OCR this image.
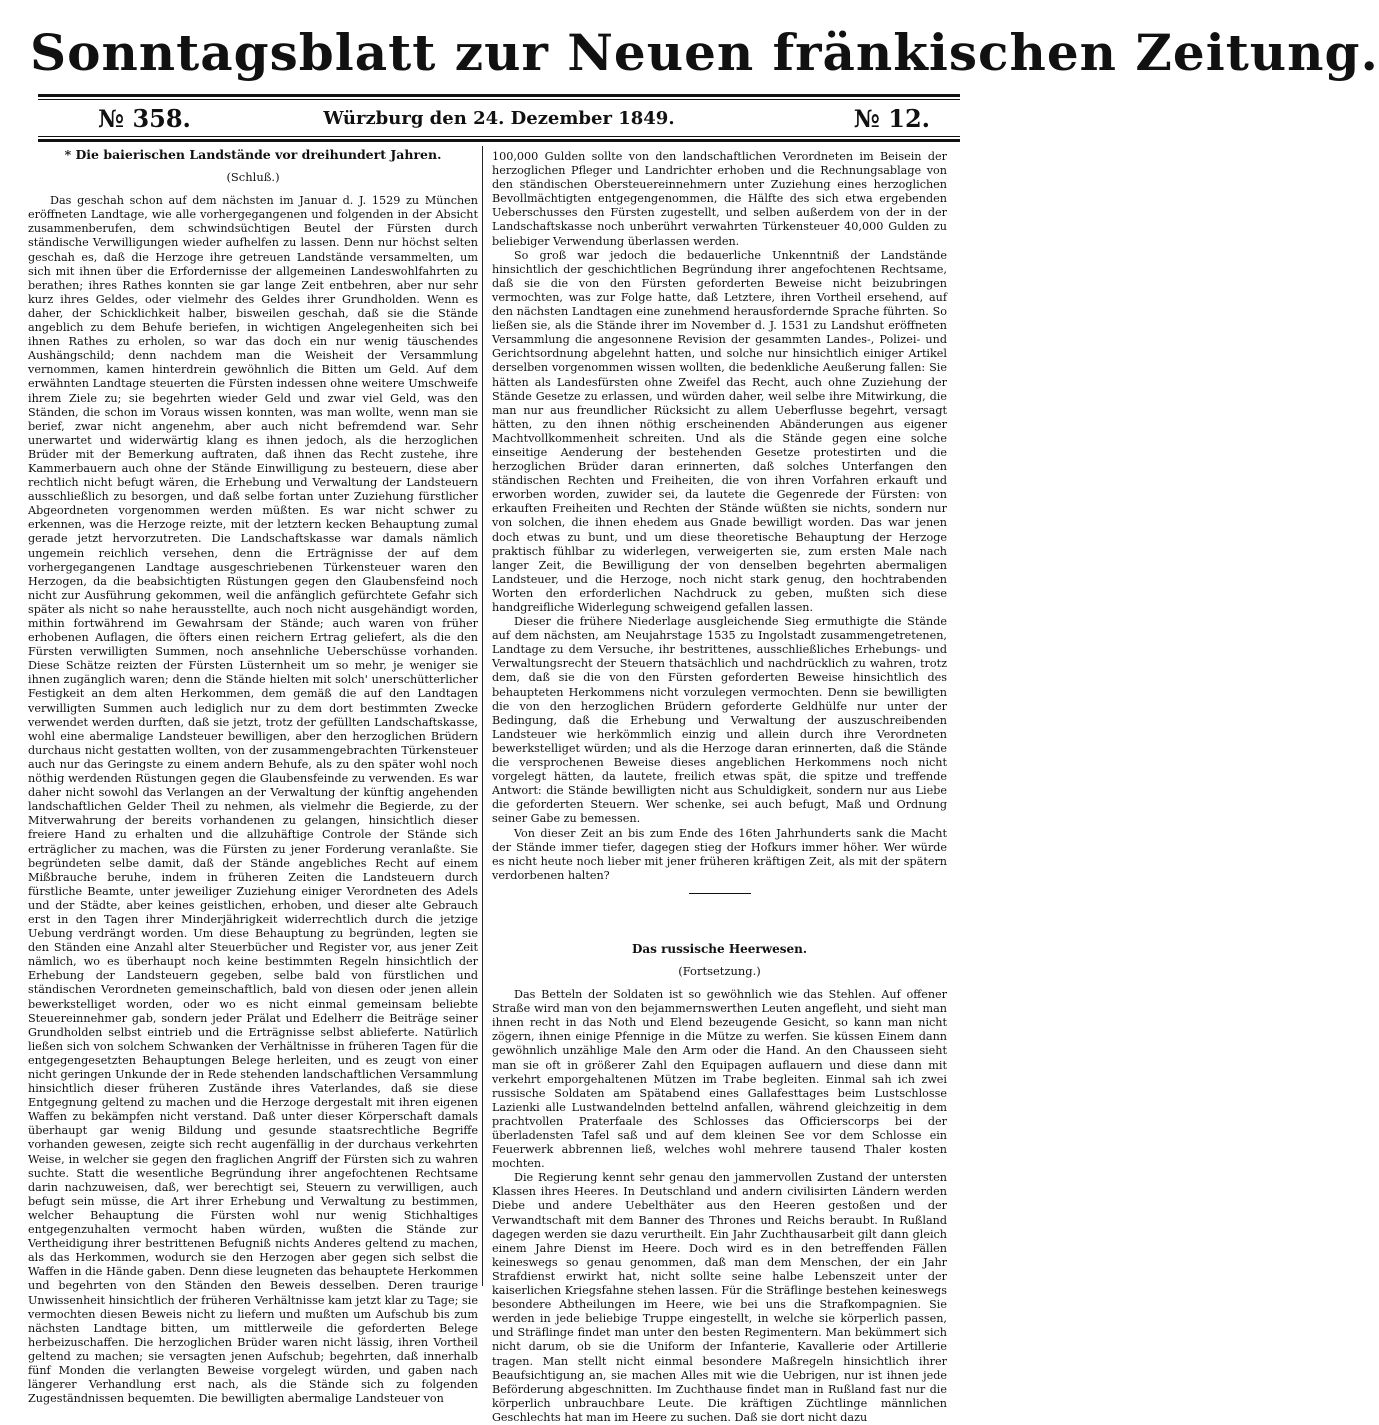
Sonntagsblatt zur Neuen fränkischen Zeitung.
№ 358.	Würzburg den 24. Dezember 1849.	№ 12.
* Die baierischen Landstände vor dreihundert Jahren.
(Schluß.)

Das geschah schon auf dem nächsten im Januar d. J. 1529 zu München eröffneten Landtage, wie alle vorhergegangenen und folgenden in der Absicht zusammenberufen, dem schwindsüchtigen Beutel der Fürsten durch ständische Verwilligungen wieder aufhelfen zu lassen. Denn nur höchst selten geschah es, daß die Herzoge ihre getreuen Landstände versammelten, um sich mit ihnen über die Erfordernisse der allgemeinen Landeswohlfahrten zu berathen; ihres Rathes konnten sie gar lange Zeit entbehren, aber nur sehr kurz ihres Geldes, oder vielmehr des Geldes ihrer Grundholden. Wenn es daher, der Schicklichkeit halber, bisweilen geschah, daß sie die Stände angeblich zu dem Behufe beriefen, in wichtigen Angelegenheiten sich bei ihnen Rathes zu erholen, so war das doch ein nur wenig täuschendes Aushängschild; denn nachdem man die Weisheit der Versammlung vernommen, kamen hinterdrein gewöhnlich die Bitten um Geld. Auf dem erwähnten Landtage steuerten die Fürsten indessen ohne weitere Umschweife ihrem Ziele zu; sie begehrten wieder Geld und zwar viel Geld, was den Ständen, die schon im Voraus wissen konnten, was man wollte, wenn man sie berief, zwar nicht angenehm, aber auch nicht befremdend war. Sehr unerwartet und widerwärtig klang es ihnen jedoch, als die herzoglichen Brüder mit der Bemerkung auftraten, daß ihnen das Recht zustehe, ihre Kammerbauern auch ohne der Stände Einwilligung zu besteuern, diese aber rechtlich nicht befugt wären, die Erhebung und Verwaltung der Landsteuern ausschließlich zu besorgen, und daß selbe fortan unter Zuziehung fürstlicher Abgeordneten vorgenommen werden müßten. Es war nicht schwer zu erkennen, was die Herzoge reizte, mit der letztern kecken Behauptung zumal gerade jetzt hervorzutreten. Die Landschaftskasse war damals nämlich ungemein reichlich versehen, denn die Erträgnisse der auf dem vorhergegangenen Landtage ausgeschriebenen Türkensteuer waren den Herzogen, da die beabsichtigten Rüstungen gegen den Glaubensfeind noch nicht zur Ausführung gekommen, weil die anfänglich gefürchtete Gefahr sich später als nicht so nahe herausstellte, auch noch nicht ausgehändigt worden, mithin fortwährend im Gewahrsam der Stände; auch waren von früher erhobenen Auflagen, die öfters einen reichern Ertrag geliefert, als die den Fürsten verwilligten Summen, noch ansehnliche Ueberschüsse vorhanden. Diese Schätze reizten der Fürsten Lüsternheit um so mehr, je weniger sie ihnen zugänglich waren; denn die Stände hielten mit solch' unerschütterlicher Festigkeit an dem alten Herkommen, dem gemäß die auf den Landtagen verwilligten Summen auch lediglich nur zu dem dort bestimmten Zwecke verwendet werden durften, daß sie jetzt, trotz der gefüllten Landschaftskasse, wohl eine abermalige Landsteuer bewilligen, aber den herzoglichen Brüdern durchaus nicht gestatten wollten, von der zusammengebrachten Türkensteuer auch nur das Geringste zu einem andern Behufe, als zu den später wohl noch nöthig werdenden Rüstungen gegen die Glaubensfeinde zu verwenden. Es war daher nicht sowohl das Verlangen an der Verwaltung der künftig angehenden landschaftlichen Gelder Theil zu nehmen, als vielmehr die Begierde, zu der Mitverwahrung der bereits vorhandenen zu gelangen, hinsichtlich dieser freiere Hand zu erhalten und die allzuhäftige Controle der Stände sich erträglicher zu machen, was die Fürsten zu jener Forderung veranlaßte. Sie begründeten selbe damit, daß der Stände angebliches Recht auf einem Mißbrauche beruhe, indem in früheren Zeiten die Landsteuern durch fürstliche Beamte, unter jeweiliger Zuziehung einiger Verordneten des Adels und der Städte, aber keines geistlichen, erhoben, und dieser alte Gebrauch erst in den Tagen ihrer Minderjährigkeit widerrechtlich durch die jetzige Uebung verdrängt worden. Um diese Behauptung zu begründen, legten sie den Ständen eine Anzahl alter Steuerbücher und Register vor, aus jener Zeit nämlich, wo es überhaupt noch keine bestimmten Regeln hinsichtlich der Erhebung der Landsteuern gegeben, selbe bald von fürstlichen und ständischen Verordneten gemeinschaftlich, bald von diesen oder jenen allein bewerkstelliget worden, oder wo es nicht einmal gemeinsam beliebte Steuereinnehmer gab, sondern jeder Prälat und Edelherr die Beiträge seiner Grundholden selbst eintrieb und die Erträgnisse selbst ablieferte. Natürlich ließen sich von solchem Schwanken der Verhältnisse in früheren Tagen für die entgegengesetzten Behauptungen Belege herleiten, und es zeugt von einer nicht geringen Unkunde der in Rede stehenden landschaftlichen Versammlung hinsichtlich dieser früheren Zustände ihres Vaterlandes, daß sie diese Entgegnung geltend zu machen und die Herzoge dergestalt mit ihren eigenen Waffen zu bekämpfen nicht verstand. Daß unter dieser Körperschaft damals überhaupt gar wenig Bildung und gesunde staatsrechtliche Begriffe vorhanden gewesen, zeigte sich recht augenfällig in der durchaus verkehrten Weise, in welcher sie gegen den fraglichen Angriff der Fürsten sich zu wahren suchte. Statt die wesentliche Begründung ihrer angefochtenen Rechtsame darin nachzuweisen, daß, wer berechtigt sei, Steuern zu verwilligen, auch befugt sein müsse, die Art ihrer Erhebung und Verwaltung zu bestimmen, welcher Behauptung die Fürsten wohl nur wenig Stichhaltiges entgegenzuhalten vermocht haben würden, wußten die Stände zur Vertheidigung ihrer bestrittenen Befugniß nichts Anderes geltend zu machen, als das Herkommen, wodurch sie den Herzogen aber gegen sich selbst die Waffen in die Hände gaben. Denn diese leugneten das behauptete Herkommen und begehrten von den Ständen den Beweis desselben. Deren traurige Unwissenheit hinsichtlich der früheren Verhältnisse kam jetzt klar zu Tage; sie vermochten diesen Beweis nicht zu liefern und mußten um Aufschub bis zum nächsten Landtage bitten, um mittlerweile die geforderten Belege herbeizuschaffen. Die herzoglichen Brüder waren nicht lässig, ihren Vortheil geltend zu machen; sie versagten jenen Aufschub; begehrten, daß innerhalb fünf Monden die verlangten Beweise vorgelegt würden, und gaben nach längerer Verhandlung erst nach, als die Stände sich zu folgenden Zugeständnissen bequemten. Die bewilligten abermalige Landsteuer von

100,000 Gulden sollte von den landschaftlichen Verordneten im Beisein der herzoglichen Pfleger und Landrichter erhoben und die Rechnungsablage von den ständischen Obersteuereinnehmern unter Zuziehung eines herzoglichen Bevollmächtigten entgegengenommen, die Hälfte des sich etwa ergebenden Ueberschusses den Fürsten zugestellt, und selben außerdem von der in der Landschaftskasse noch unberührt verwahrten Türkensteuer 40,000 Gulden zu beliebiger Verwendung überlassen werden.

So groß war jedoch die bedauerliche Unkenntniß der Landstände hinsichtlich der geschichtlichen Begründung ihrer angefochtenen Rechtsame, daß sie die von den Fürsten geforderten Beweise nicht beizubringen vermochten, was zur Folge hatte, daß Letztere, ihren Vortheil ersehend, auf den nächsten Landtagen eine zunehmend herausfordernde Sprache führten. So ließen sie, als die Stände ihrer im November d. J. 1531 zu Landshut eröffneten Versammlung die angesonnene Revision der gesammten Landes-, Polizei- und Gerichtsordnung abgelehnt hatten, und solche nur hinsichtlich einiger Artikel derselben vorgenommen wissen wollten, die bedenkliche Aeußerung fallen: Sie hätten als Landesfürsten ohne Zweifel das Recht, auch ohne Zuziehung der Stände Gesetze zu erlassen, und würden daher, weil selbe ihre Mitwirkung, die man nur aus freundlicher Rücksicht zu allem Ueberflusse begehrt, versagt hätten, zu den ihnen nöthig erscheinenden Abänderungen aus eigener Machtvollkommenheit schreiten. Und als die Stände gegen eine solche einseitige Aenderung der bestehenden Gesetze protestirten und die herzoglichen Brüder daran erinnerten, daß solches Unterfangen den ständischen Rechten und Freiheiten, die von ihren Vorfahren erkauft und erworben worden, zuwider sei, da lautete die Gegenrede der Fürsten: von erkauften Freiheiten und Rechten der Stände wüßten sie nichts, sondern nur von solchen, die ihnen ehedem aus Gnade bewilligt worden. Das war jenen doch etwas zu bunt, und um diese theoretische Behauptung der Herzoge praktisch fühlbar zu widerlegen, verweigerten sie, zum ersten Male nach langer Zeit, die Bewilligung der von denselben begehrten abermaligen Landsteuer, und die Herzoge, noch nicht stark genug, den hochtrabenden Worten den erforderlichen Nachdruck zu geben, mußten sich diese handgreifliche Widerlegung schweigend gefallen lassen.

Dieser die frühere Niederlage ausgleichende Sieg ermuthigte die Stände auf dem nächsten, am Neujahrstage 1535 zu Ingolstadt zusammengetretenen, Landtage zu dem Versuche, ihr bestrittenes, ausschließliches Erhebungs- und Verwaltungsrecht der Steuern thatsächlich und nachdrücklich zu wahren, trotz dem, daß sie die von den Fürsten geforderten Beweise hinsichtlich des behaupteten Herkommens nicht vorzulegen vermochten. Denn sie bewilligten die von den herzoglichen Brüdern geforderte Geldhülfe nur unter der Bedingung, daß die Erhebung und Verwaltung der auszuschreibenden Landsteuer wie herkömmlich einzig und allein durch ihre Verordneten bewerkstelliget würden; und als die Herzoge daran erinnerten, daß die Stände die versprochenen Beweise dieses angeblichen Herkommens noch nicht vorgelegt hätten, da lautete, freilich etwas spät, die spitze und treffende Antwort: die Stände bewilligten nicht aus Schuldigkeit, sondern nur aus Liebe die geforderten Steuern. Wer schenke, sei auch befugt, Maß und Ordnung seiner Gabe zu bemessen.

Von dieser Zeit an bis zum Ende des 16ten Jahrhunderts sank die Macht der Stände immer tiefer, dagegen stieg der Hofkurs immer höher. Wer würde es nicht heute noch lieber mit jener früheren kräftigen Zeit, als mit der spätern verdorbenen halten?

Das russische Heerwesen.
(Fortsetzung.)

Das Betteln der Soldaten ist so gewöhnlich wie das Stehlen. Auf offener Straße wird man von den bejammernswerthen Leuten angefleht, und sieht man ihnen recht in das Noth und Elend bezeugende Gesicht, so kann man nicht zögern, ihnen einige Pfennige in die Mütze zu werfen. Sie küssen Einem dann gewöhnlich unzählige Male den Arm oder die Hand. An den Chausseen sieht man sie oft in größerer Zahl den Equipagen auflauern und diese dann mit verkehrt emporgehaltenen Mützen im Trabe begleiten. Einmal sah ich zwei russische Soldaten am Spätabend eines Gallafesttages beim Lustschlosse Lazienki alle Lustwandelnden bettelnd anfallen, während gleichzeitig in dem prachtvollen Praterfaale des Schlosses das Officierscorps bei der überladensten Tafel saß und auf dem kleinen See vor dem Schlosse ein Feuerwerk abbrennen ließ, welches wohl mehrere tausend Thaler kosten mochten.

Die Regierung kennt sehr genau den jammervollen Zustand der untersten Klassen ihres Heeres. In Deutschland und andern civilisirten Ländern werden Diebe und andere Uebelthäter aus den Heeren gestoßen und der Verwandtschaft mit dem Banner des Thrones und Reichs beraubt. In Rußland dagegen werden sie dazu verurtheilt. Ein Jahr Zuchthausarbeit gilt dann gleich einem Jahre Dienst im Heere. Doch wird es in den betreffenden Fällen keineswegs so genau genommen, daß man dem Menschen, der ein Jahr Strafdienst erwirkt hat, nicht sollte seine halbe Lebenszeit unter der kaiserlichen Kriegsfahne stehen lassen. Für die Sträflinge bestehen keineswegs besondere Abtheilungen im Heere, wie bei uns die Strafkompagnien. Sie werden in jede beliebige Truppe eingestellt, in welche sie körperlich passen, und Sträflinge findet man unter den besten Regimentern. Man bekümmert sich nicht darum, ob sie die Uniform der Infanterie, Kavallerie oder Artillerie tragen. Man stellt nicht einmal besondere Maßregeln hinsichtlich ihrer Beaufsichtigung an, sie machen Alles mit wie die Uebrigen, nur ist ihnen jede Beförderung abgeschnitten. Im Zuchthause findet man in Rußland fast nur die körperlich unbrauchbare Leute. Die kräftigen Züchtlinge männlichen Geschlechts hat man im Heere zu suchen. Daß sie dort nicht dazu
